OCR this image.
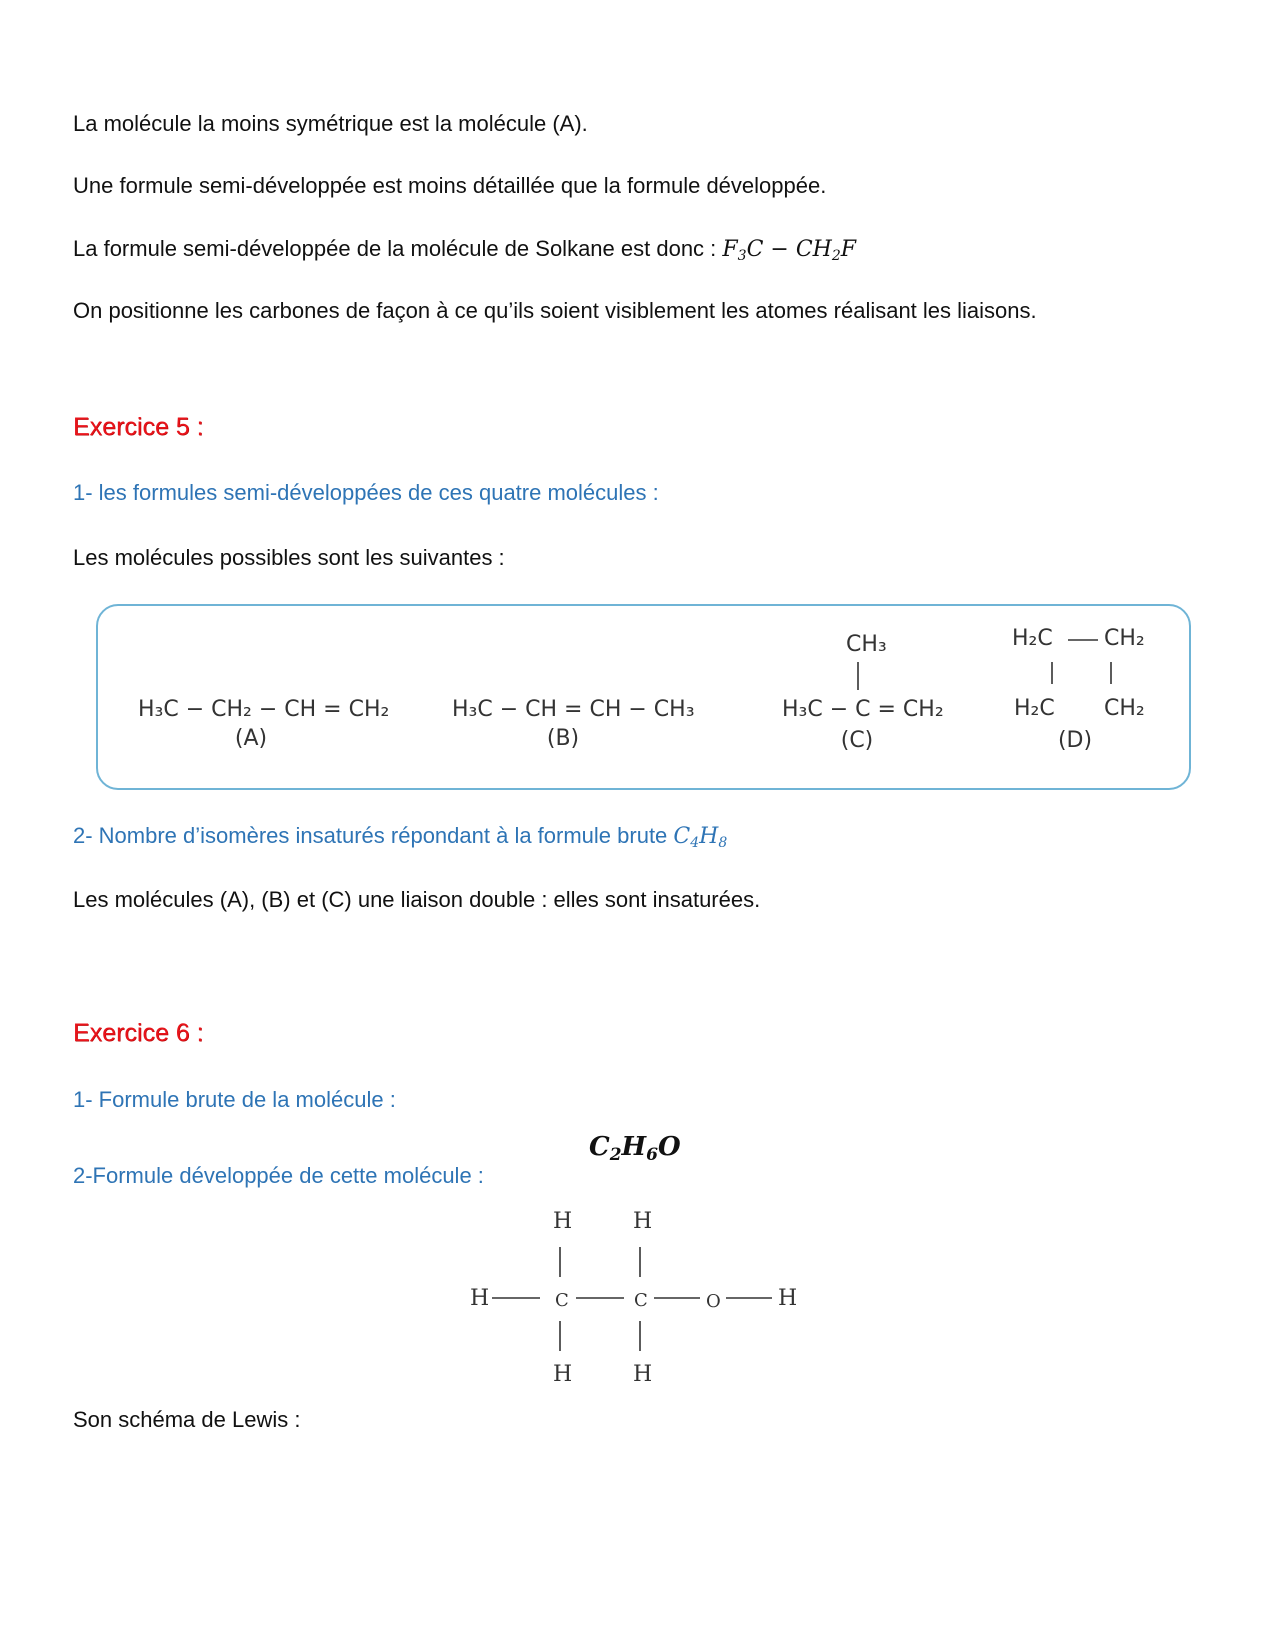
La molécule la moins symétrique est la molécule (A).
Une formule semi-développée est moins détaillée que la formule développée.
La formule semi-développée de la molécule de Solkane est donc : $F_3C - CH_2F$
On positionne les carbones de façon à ce qu’ils soient visiblement les atomes réalisant les liaisons.
Exercice 5 :
1- les formules semi-développées de ces quatre molécules :
Les molécules possibles sont les suivantes :
H₃C − CH₂ − CH = CH₂
(A)
H₃C − CH = CH − CH₃
(B)
CH₃
H₃C − C = CH₂
(C)
H₂C CH₂
H₂C CH₂
(D)
2- Nombre d’isomères insaturés répondant à la formule brute $C_4H_8$
Les molécules (A), (B) et (C) une liaison double : elles sont insaturées.
Exercice 6 :
1- Formule brute de la molécule :
$C_2H_6O$
2-Formule développée de cette molécule :
H	H
H	C	C	O	H
H	H
Son schéma de Lewis :
